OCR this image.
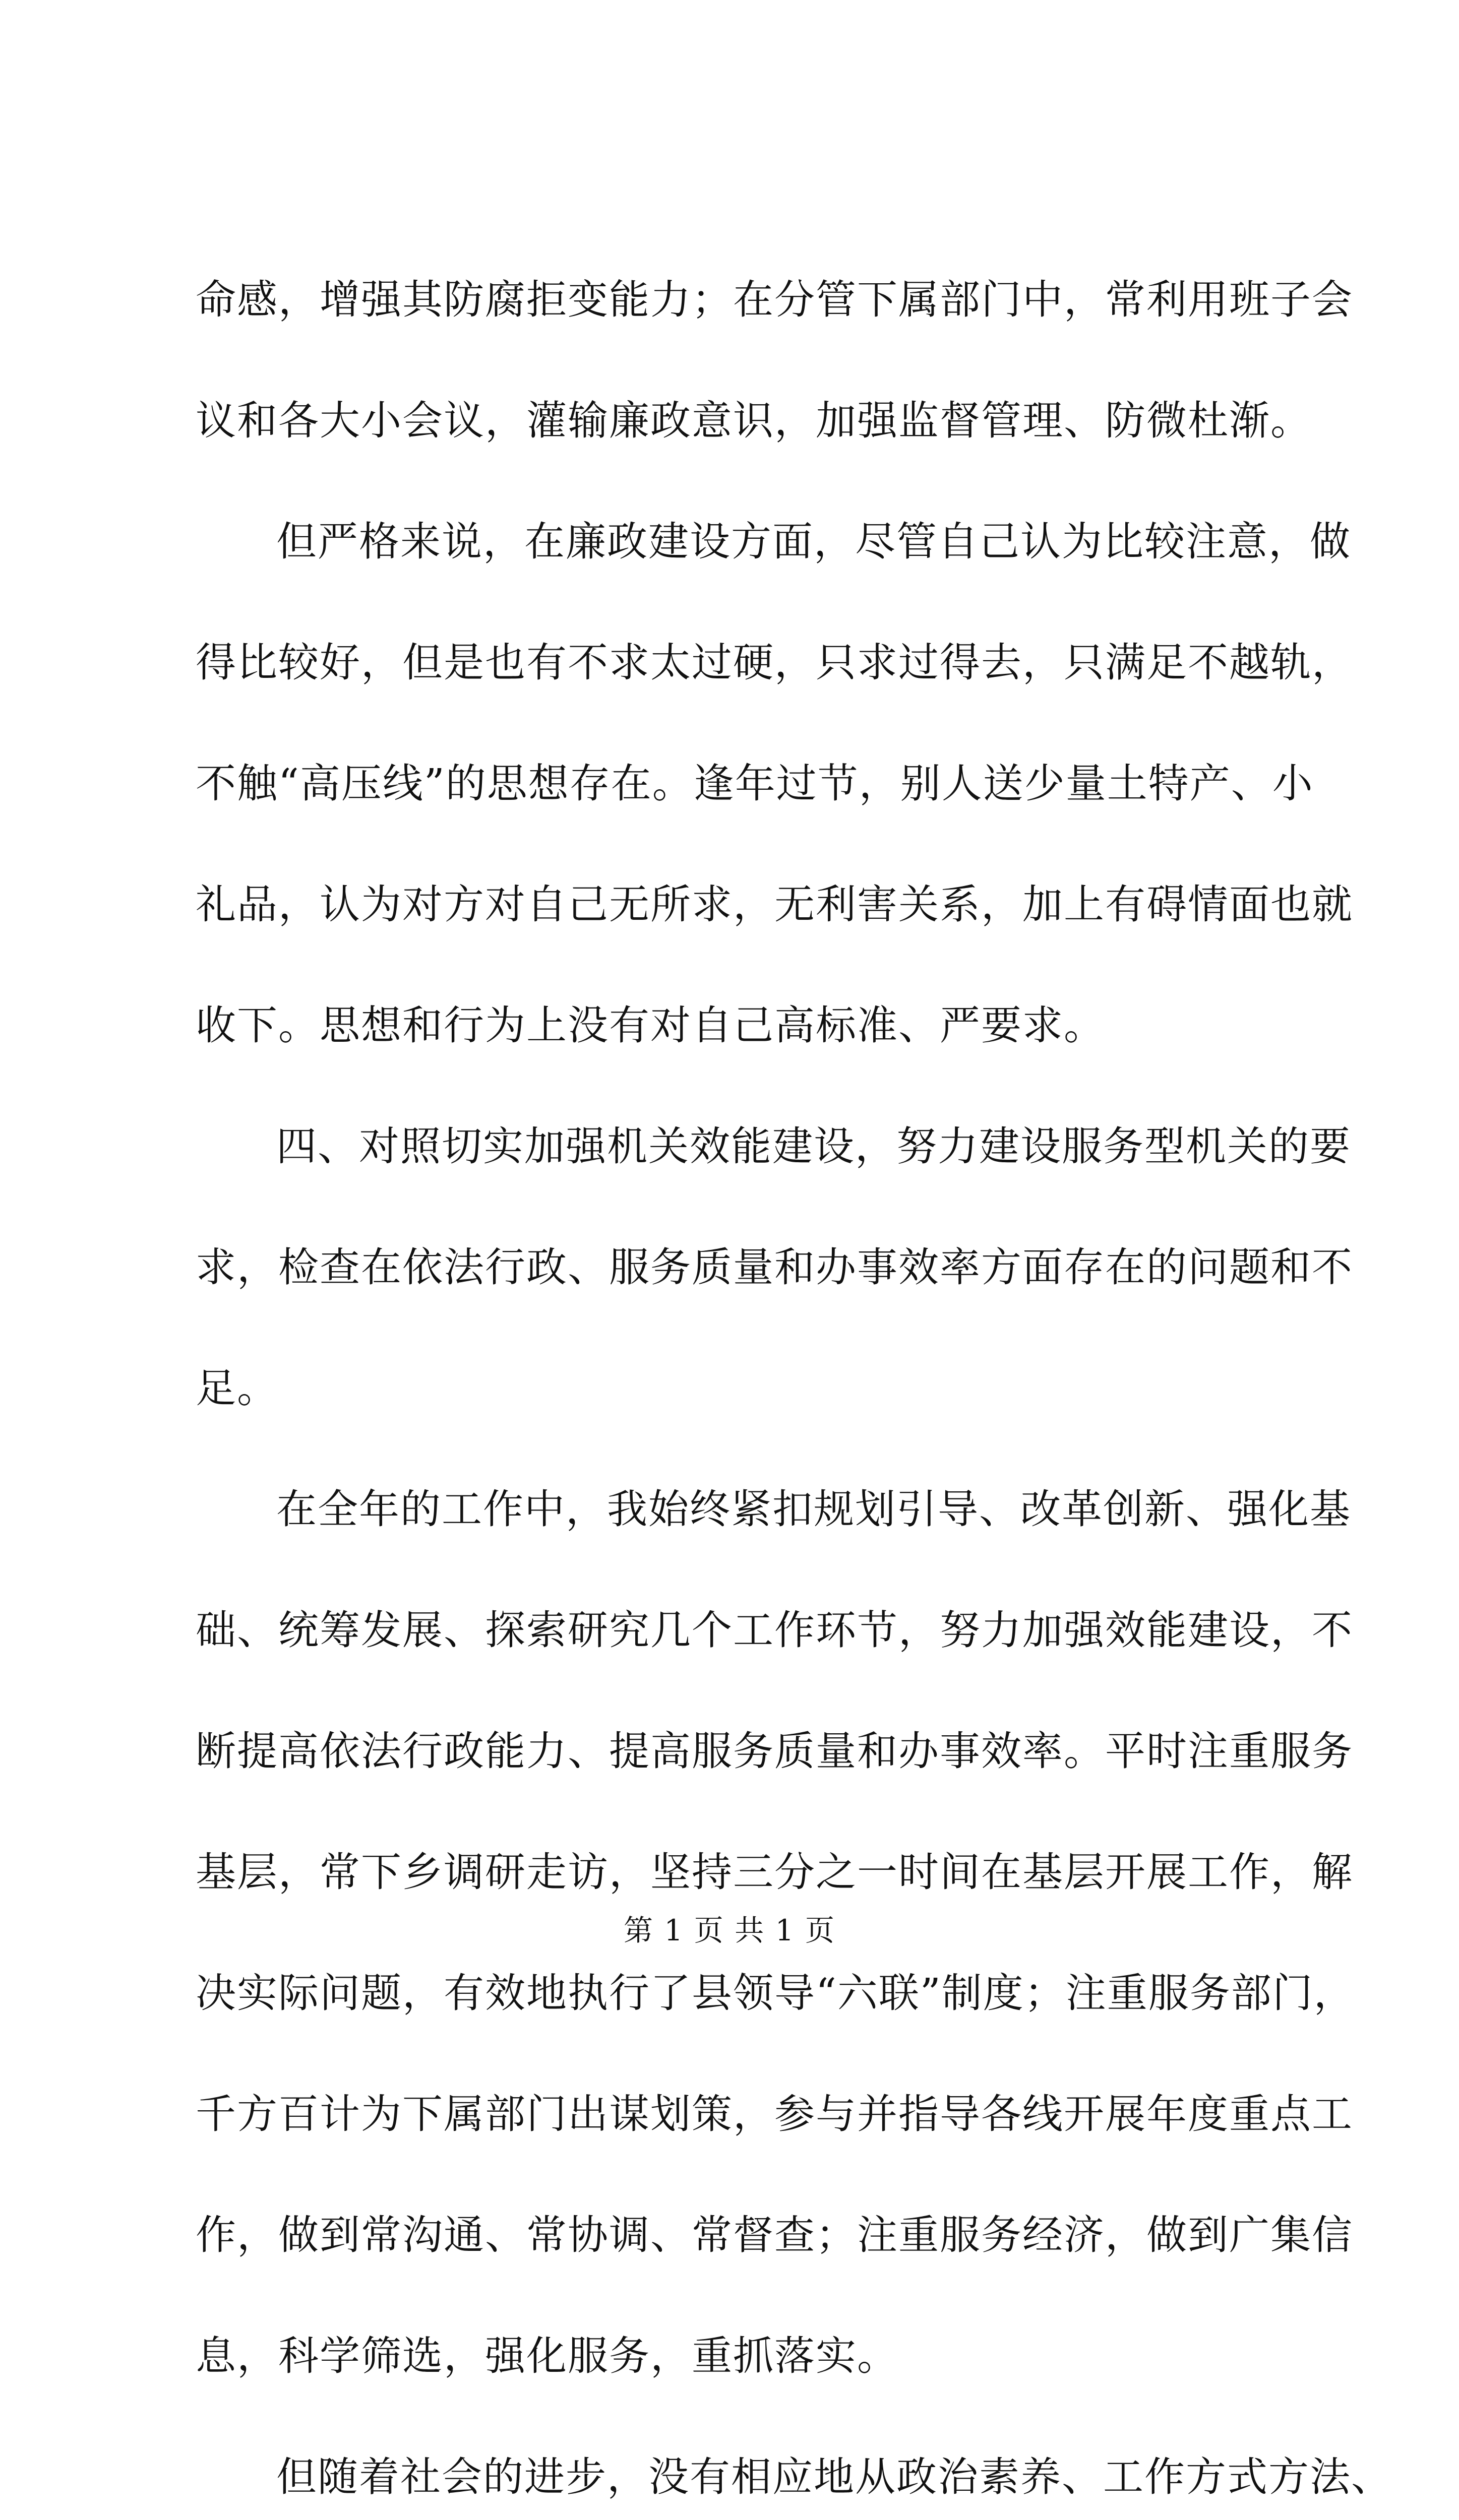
命感，增强其防腐拒变能力；在分管下属部门中，常利用班子会
议和各大小会议，灌输廉政意识，加强监督管理、防微杜渐。
但严格来说，在廉政建设方面，尽管自己认为比较注意，做
得比较好，但是也有不求太过硬，只求过得去，只满足不越轨，
不触“高压线”的思想存在。逢年过节，别人送少量土特产、小
礼品，认为对方对自己无所求，无利害关系，加上有碍情面也就
收下。思想和行为上没有对自己高标准、严要求。
四、对照切实加强机关效能建设，努力建设服务型机关的要
求，检查在依法行政、服务质量和办事效率方面存在的问题和不
足。
在全年的工作中，我始终紧扣规划引导、改革创新、强化基
础、统筹发展、探索研究几个工作环节，努力加强效能建设，不
断提高依法行政能力、提高服务质量和办事效率。平时注重服务
基层，常下乡调研走访，坚持三分之一时间在基层开展工作，解
决实际问题，有效地执行了县领导“六联”制度；注重服务部门，
千方百计为下属部门出谋划策，参与并指导各线开展年度重点工
作，做到常沟通、常协调、常督查；注重服务经济，做到广集信
息，科学筛选，强化服务，重抓落实。
但随着社会的进步，没有相应地从政治素养、工作方式方法、
第 1 页 共 1 页
